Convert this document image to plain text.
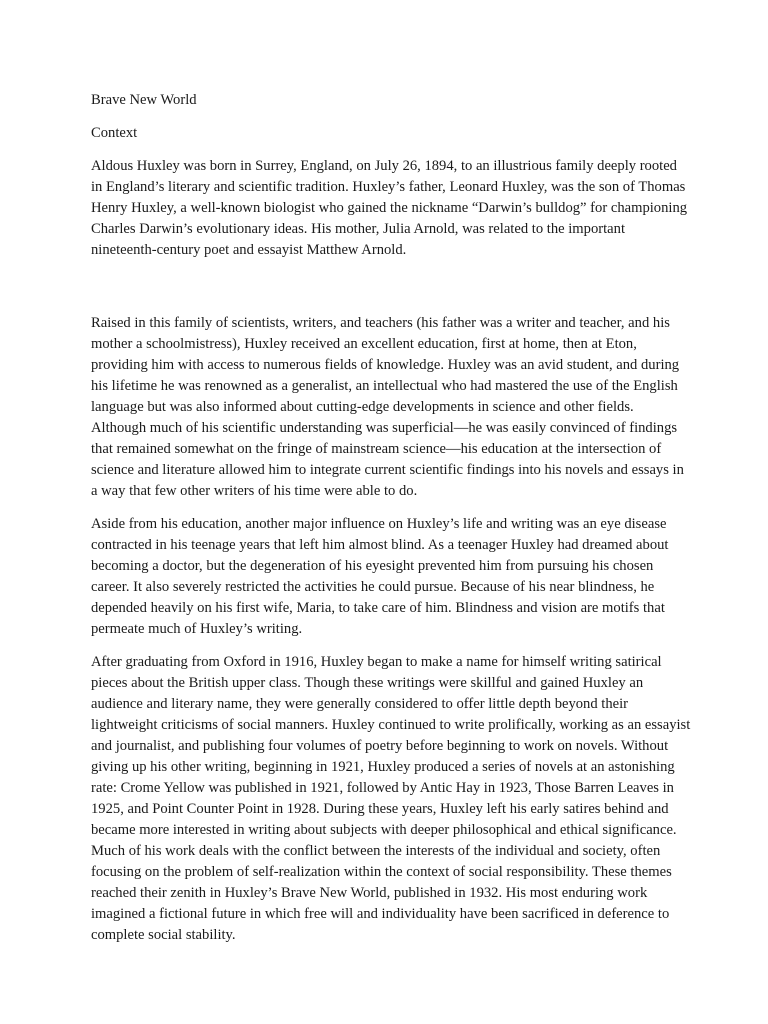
Brave New World
Context

Aldous Huxley was born in Surrey, England, on July 26, 1894, to an illustrious family deeply rooted in England’s literary and scientific tradition. Huxley’s father, Leonard Huxley, was the son of Thomas Henry Huxley, a well-known biologist who gained the nickname “Darwin’s bulldog” for championing Charles Darwin’s evolutionary ideas. His mother, Julia Arnold, was related to the important nineteenth-century poet and essayist Matthew Arnold.

Raised in this family of scientists, writers, and teachers (his father was a writer and teacher, and his mother a schoolmistress), Huxley received an excellent education, first at home, then at Eton, providing him with access to numerous fields of knowledge. Huxley was an avid student, and during his lifetime he was renowned as a generalist, an intellectual who had mastered the use of the English language but was also informed about cutting-edge developments in science and other fields. Although much of his scientific understanding was superficial—he was easily convinced of findings that remained somewhat on the fringe of mainstream science—his education at the intersection of science and literature allowed him to integrate current scientific findings into his novels and essays in a way that few other writers of his time were able to do.

Aside from his education, another major influence on Huxley’s life and writing was an eye disease contracted in his teenage years that left him almost blind. As a teenager Huxley had dreamed about becoming a doctor, but the degeneration of his eyesight prevented him from pursuing his chosen career. It also severely restricted the activities he could pursue. Because of his near blindness, he depended heavily on his first wife, Maria, to take care of him. Blindness and vision are motifs that permeate much of Huxley’s writing.

After graduating from Oxford in 1916, Huxley began to make a name for himself writing satirical pieces about the British upper class. Though these writings were skillful and gained Huxley an audience and literary name, they were generally considered to offer little depth beyond their lightweight criticisms of social manners. Huxley continued to write prolifically, working as an essayist and journalist, and publishing four volumes of poetry before beginning to work on novels. Without giving up his other writing, beginning in 1921, Huxley produced a series of novels at an astonishing rate: Crome Yellow was published in 1921, followed by Antic Hay in 1923, Those Barren Leaves in 1925, and Point Counter Point in 1928. During these years, Huxley left his early satires behind and became more interested in writing about subjects with deeper philosophical and ethical significance. Much of his work deals with the conflict between the interests of the individual and society, often focusing on the problem of self-realization within the context of social responsibility. These themes reached their zenith in Huxley’s Brave New World, published in 1932. His most enduring work imagined a fictional future in which free will and individuality have been sacrificed in deference to complete social stability.
